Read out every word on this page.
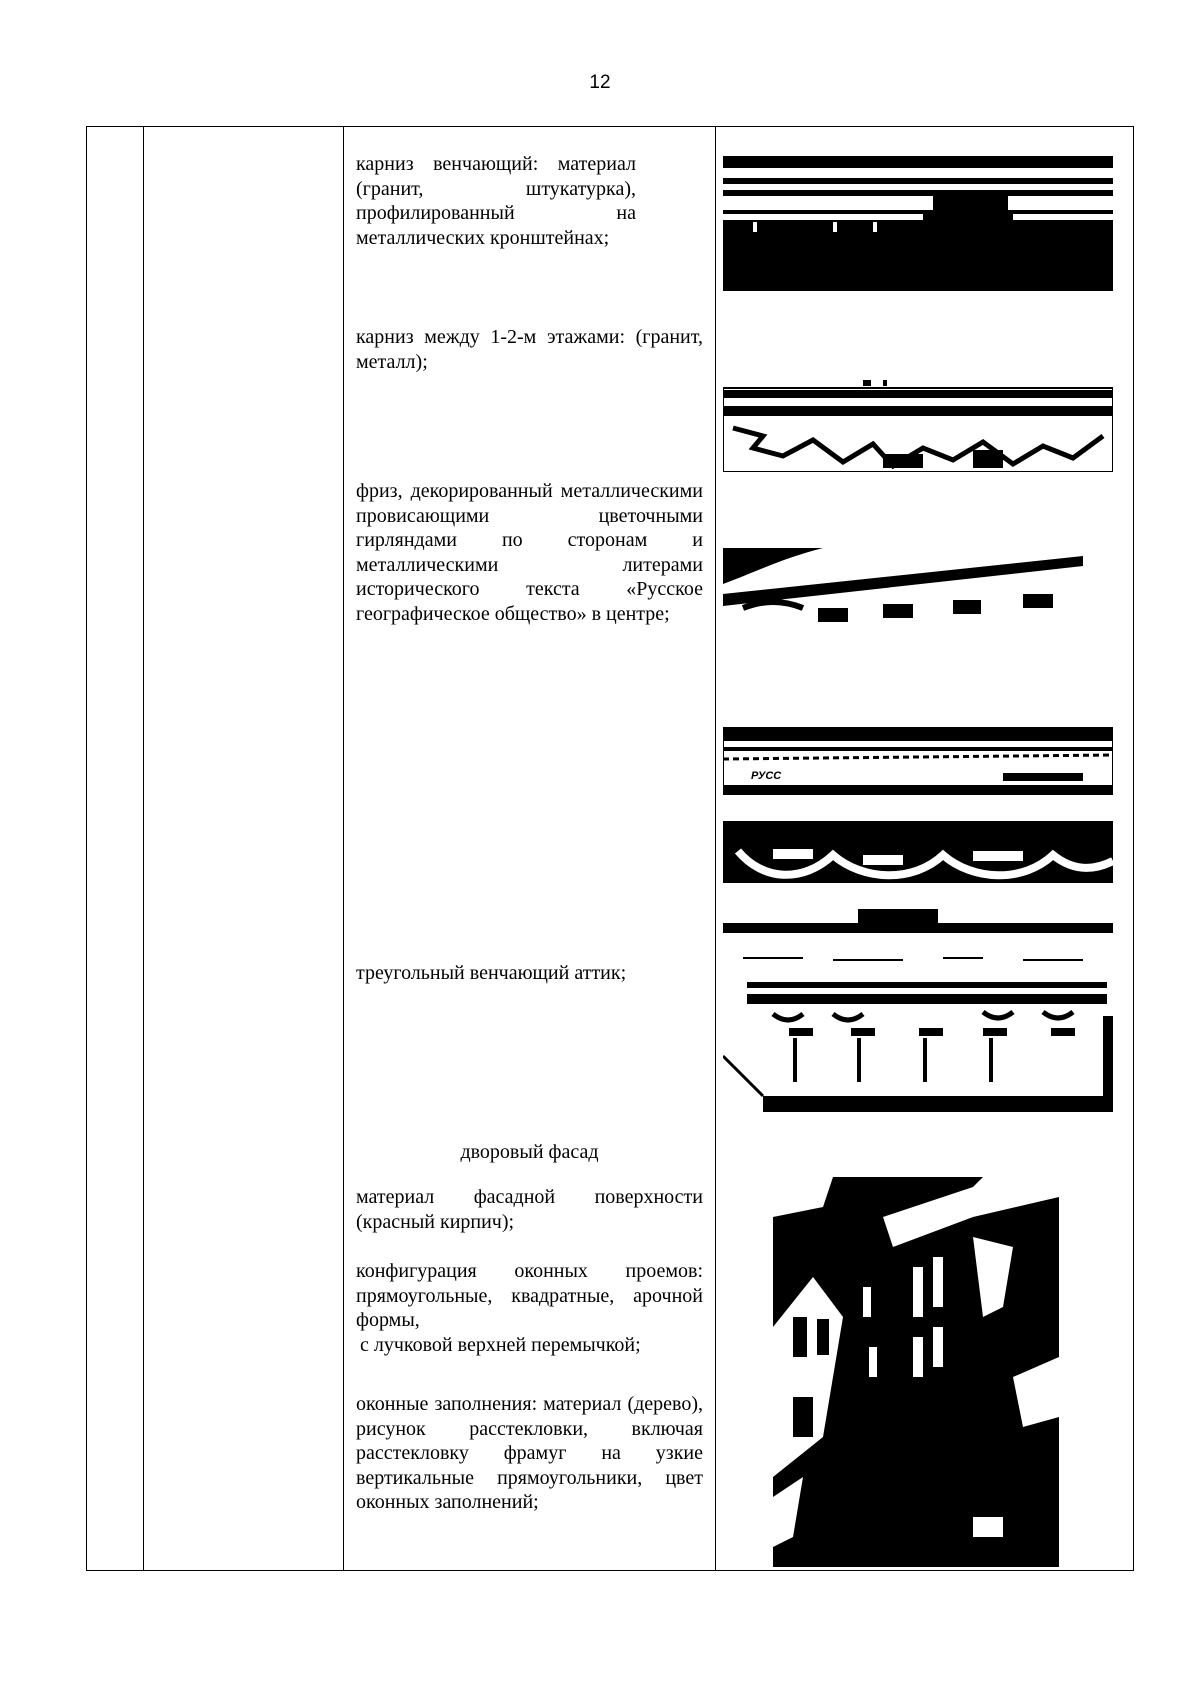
12
карниз венчающий: материал (гранит, штукатурка), профилированный на металлических кронштейнах;
карниз между 1-2-м этажами: (гранит, металл);
фриз, декорированный металлическими провисающими цветочными гирляндами по сторонам и металлическими литерами исторического текста «Русское географическое общество» в центре;
треугольный венчающий аттик;
дворовый фасад
материал фасадной поверхности (красный кирпич);
конфигурация оконных проемов: прямоугольные, квадратные, арочной формы,
с лучковой верхней перемычкой;
оконные заполнения: материал (дерево), рисунок расстекловки, включая расстекловку фрамуг на узкие вертикальные прямоугольники, цвет оконных заполнений;
РУСС
